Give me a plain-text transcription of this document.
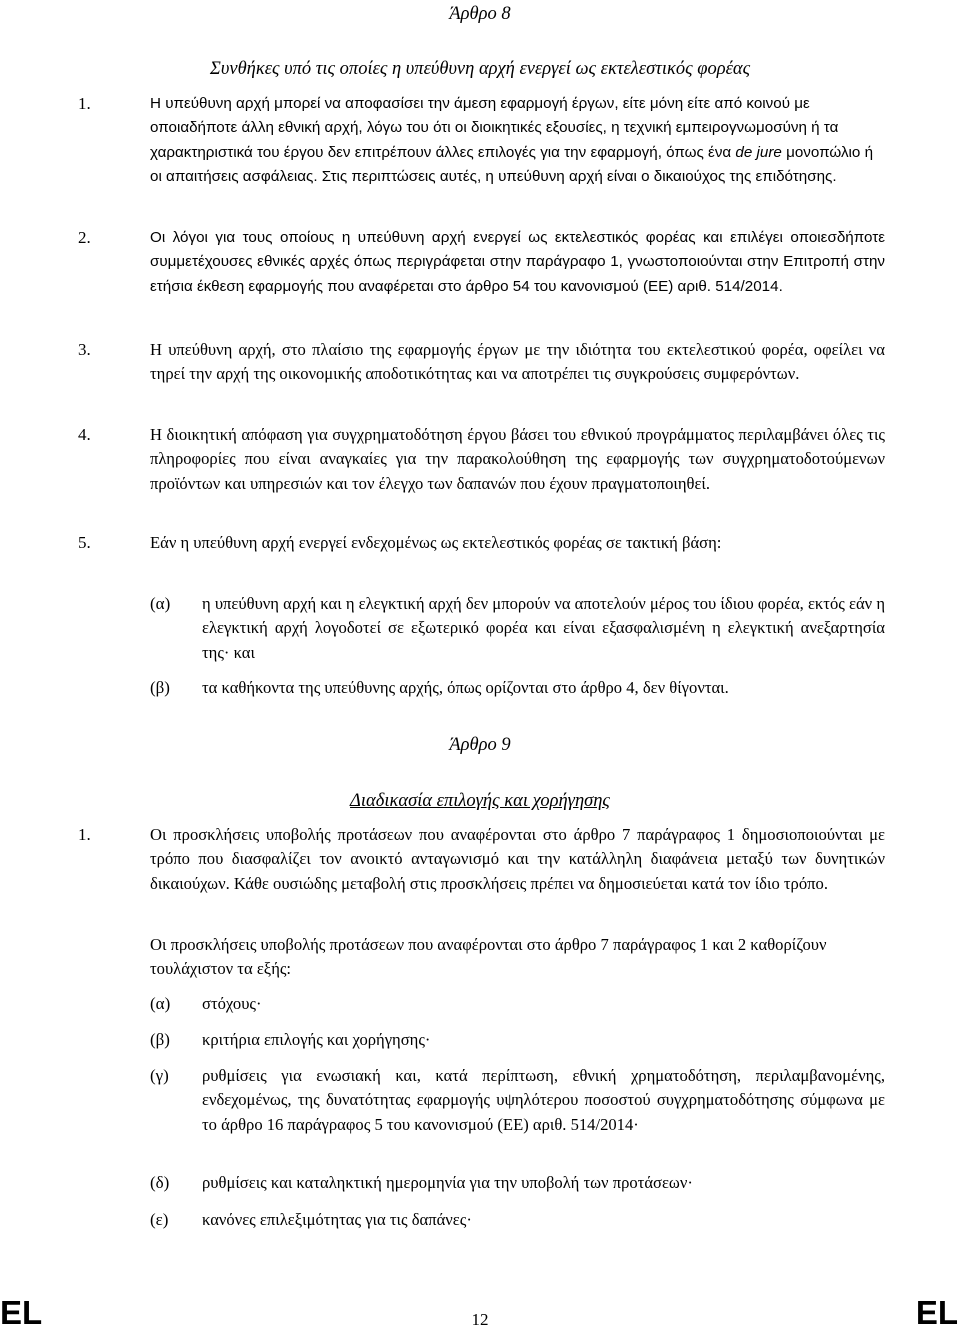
Άρθρο 8

Συνθήκες υπό τις οποίες η υπεύθυνη αρχή ενεργεί ως εκτελεστικός φορέας

1.	Η υπεύθυνη αρχή μπορεί να αποφασίσει την άμεση εφαρμογή έργων, είτε μόνη είτε από κοινού με οποιαδήποτε άλλη εθνική αρχή, λόγω του ότι οι διοικητικές εξουσίες, η τεχνική εμπειρογνωμοσύνη ή τα χαρακτηριστικά του έργου δεν επιτρέπουν άλλες επιλογές για την εφαρμογή, όπως ένα de jure μονοπώλιο ή οι απαιτήσεις ασφάλειας. Στις περιπτώσεις αυτές, η υπεύθυνη αρχή είναι ο δικαιούχος της επιδότησης.

2.	Οι λόγοι για τους οποίους η υπεύθυνη αρχή ενεργεί ως εκτελεστικός φορέας και επιλέγει οποιεσδήποτε συμμετέχουσες εθνικές αρχές όπως περιγράφεται στην παράγραφο 1, γνωστοποιούνται στην Επιτροπή στην ετήσια έκθεση εφαρμογής που αναφέρεται στο άρθρο 54 του κανονισμού (ΕΕ) αριθ. 514/2014.

3.	Η υπεύθυνη αρχή, στο πλαίσιο της εφαρμογής έργων με την ιδιότητα του εκτελεστικού φορέα, οφείλει να τηρεί την αρχή της οικονομικής αποδοτικότητας και να αποτρέπει τις συγκρούσεις συμφερόντων.

4.	Η διοικητική απόφαση για συγχρηματοδότηση έργου βάσει του εθνικού προγράμματος περιλαμβάνει όλες τις πληροφορίες που είναι αναγκαίες για την παρακολούθηση της εφαρμογής των συγχρηματοδοτούμενων προϊόντων και υπηρεσιών και τον έλεγχο των δαπανών που έχουν πραγματοποιηθεί.

5.	Εάν η υπεύθυνη αρχή ενεργεί ενδεχομένως ως εκτελεστικός φορέας σε τακτική βάση:

(α) η υπεύθυνη αρχή και η ελεγκτική αρχή δεν μπορούν να αποτελούν μέρος του ίδιου φορέα, εκτός εάν η ελεγκτική αρχή λογοδοτεί σε εξωτερικό φορέα και είναι εξασφαλισμένη η ελεγκτική ανεξαρτησία της· και

(β) τα καθήκοντα της υπεύθυνης αρχής, όπως ορίζονται στο άρθρο 4, δεν θίγονται.

Άρθρο 9

Διαδικασία επιλογής και χορήγησης

1.	Οι προσκλήσεις υποβολής προτάσεων που αναφέρονται στο άρθρο 7 παράγραφος 1 δημοσιοποιούνται με τρόπο που διασφαλίζει τον ανοικτό ανταγωνισμό και την κατάλληλη διαφάνεια μεταξύ των δυνητικών δικαιούχων. Κάθε ουσιώδης μεταβολή στις προσκλήσεις πρέπει να δημοσιεύεται κατά τον ίδιο τρόπο.

Οι προσκλήσεις υποβολής προτάσεων που αναφέρονται στο άρθρο 7 παράγραφος 1 και 2 καθορίζουν τουλάχιστον τα εξής:

(α) στόχους·

(β) κριτήρια επιλογής και χορήγησης·

(γ) ρυθμίσεις για ενωσιακή και, κατά περίπτωση, εθνική χρηματοδότηση, περιλαμβανομένης, ενδεχομένως, της δυνατότητας εφαρμογής υψηλότερου ποσοστού συγχρηματοδότησης σύμφωνα με το άρθρο 16 παράγραφος 5 του κανονισμού (ΕΕ) αριθ. 514/2014·

(δ) ρυθμίσεις και καταληκτική ημερομηνία για την υποβολή των προτάσεων·

(ε) κανόνες επιλεξιμότητας για τις δαπάνες·

EL	12	EL
